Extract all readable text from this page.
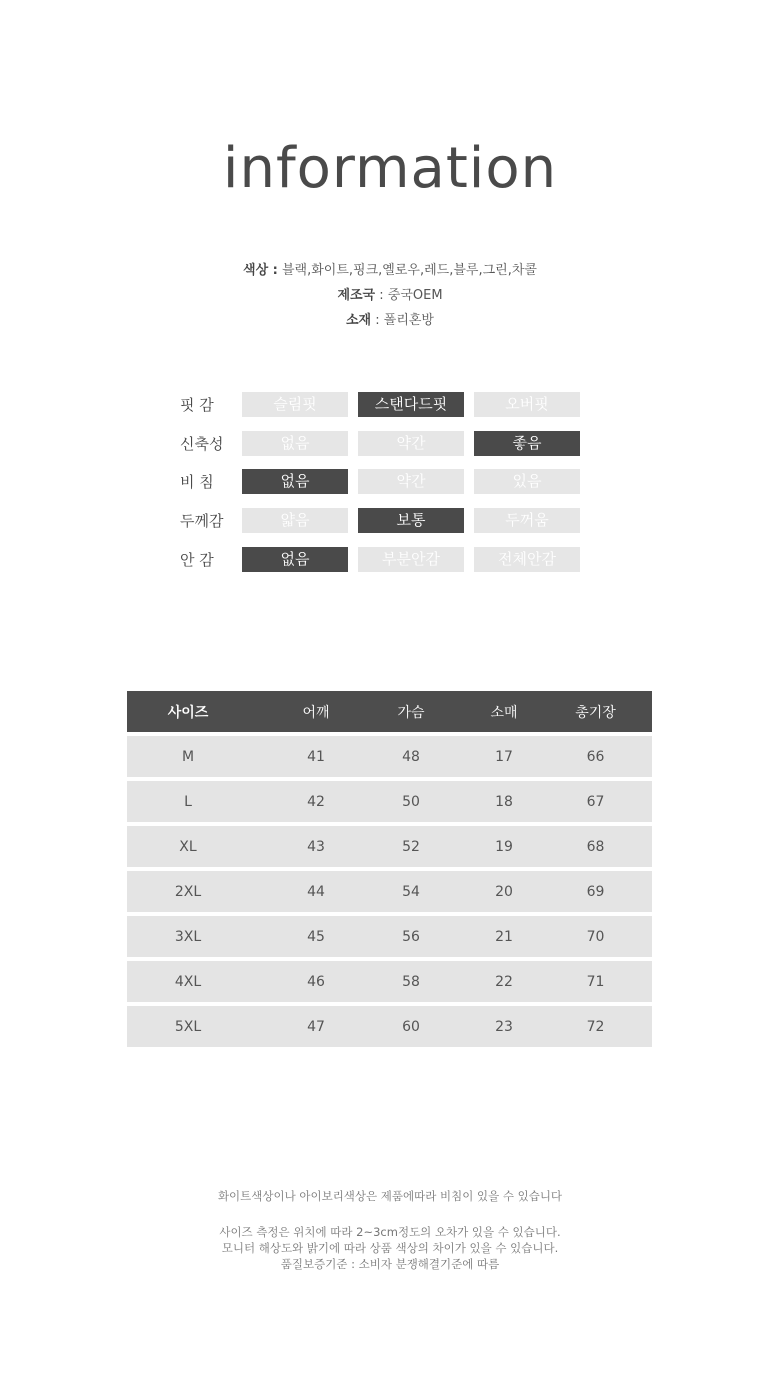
information
색상 : 블랙,화이트,핑크,옐로우,레드,블루,그린,차콜
제조국 : 중국OEM
소재 : 폴리혼방
핏 감	슬림핏	스탠다드핏	오버핏
신축성	없음	약간	좋음
비 침	없음	약간	있음
두께감	얇음	보통	두꺼움
안 감	없음	부분안감	전체안감
사이즈	어깨	가슴	소매	총기장
M	41	48	17	66
L	42	50	18	67
XL	43	52	19	68
2XL	44	54	20	69
3XL	45	56	21	70
4XL	46	58	22	71
5XL	47	60	23	72
화이트색상이나 아이보리색상은 제품에따라 비침이 있을 수 있습니다
사이즈 측정은 위치에 따라 2~3cm정도의 오차가 있을 수 있습니다.
모니터 해상도와 밝기에 따라 상품 색상의 차이가 있을 수 있습니다.
품질보증기준 : 소비자 분쟁해결기준에 따름
